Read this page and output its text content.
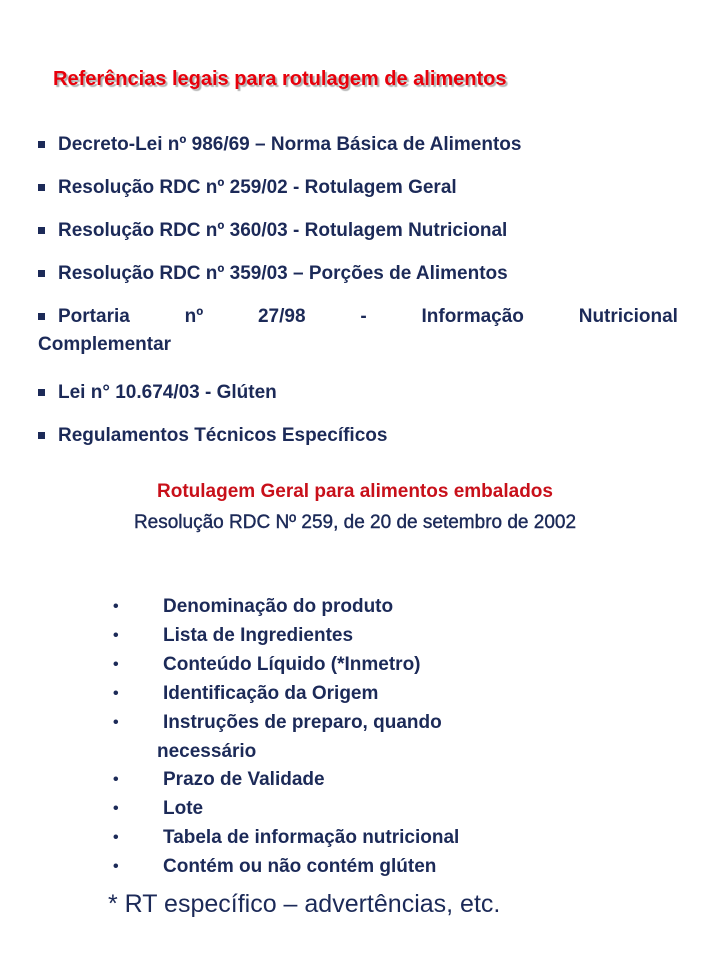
Referências legais para rotulagem de alimentos
Decreto-Lei nº 986/69 – Norma Básica de Alimentos
Resolução RDC nº 259/02 - Rotulagem Geral
Resolução RDC nº 360/03 - Rotulagem Nutricional
Resolução RDC nº 359/03 – Porções de Alimentos
Portaria	nº	27/98	-	Informação	Nutricional
Complementar
Lei n° 10.674/03 - Glúten
Regulamentos Técnicos Específicos
Rotulagem Geral para alimentos embalados
Resolução RDC Nº 259, de 20 de setembro de 2002
• Denominação do produto
• Lista de Ingredientes
• Conteúdo Líquido (*Inmetro)
• Identificação da Origem
• Instruções de preparo, quando
necessário
• Prazo de Validade
• Lote
• Tabela de informação nutricional
• Contém ou não contém glúten
* RT específico – advertências, etc.
